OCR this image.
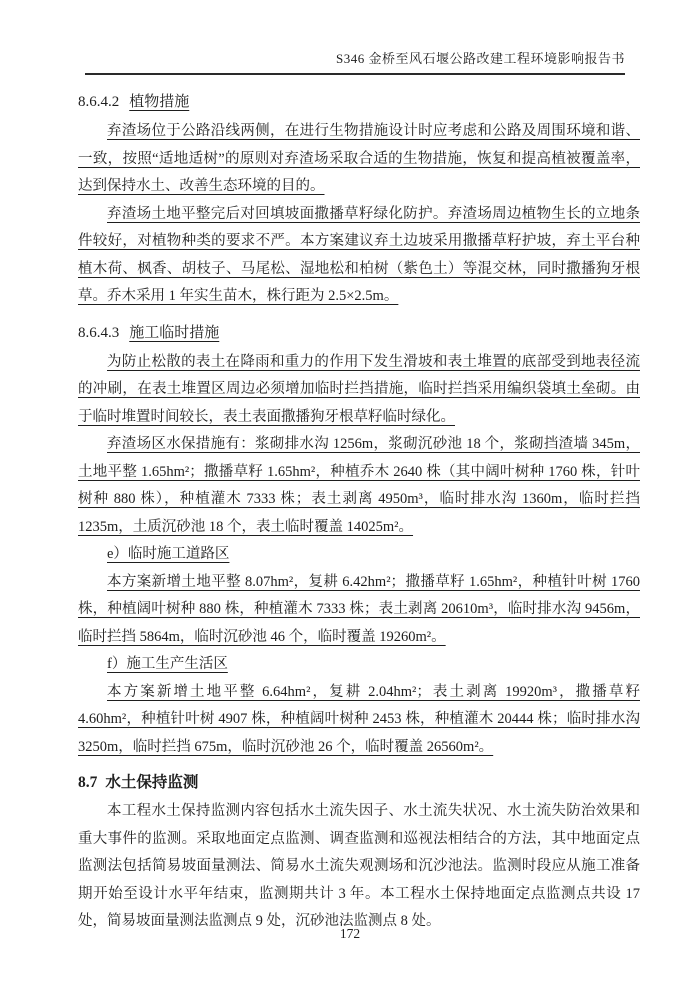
S346 金桥至风石堰公路改建工程环境影响报告书
8.6.4.2 植物措施

弃渣场位于公路沿线两侧，在进行生物措施设计时应考虑和公路及周围环境和谐、一致，按照“适地适树”的原则对弃渣场采取合适的生物措施，恢复和提高植被覆盖率，达到保持水土、改善生态环境的目的。

弃渣场土地平整完后对回填坡面撒播草籽绿化防护。弃渣场周边植物生长的立地条件较好，对植物种类的要求不严。本方案建议弃土边坡采用撒播草籽护坡，弃土平台种植木荷、枫香、胡枝子、马尾松、湿地松和柏树（紫色土）等混交林，同时撒播狗牙根草。乔木采用 1 年实生苗木，株行距为 2.5×2.5m。

8.6.4.3 施工临时措施

为防止松散的表土在降雨和重力的作用下发生滑坡和表土堆置的底部受到地表径流的冲刷，在表土堆置区周边必须增加临时拦挡措施，临时拦挡采用编织袋填土垒砌。由于临时堆置时间较长，表土表面撒播狗牙根草籽临时绿化。

弃渣场区水保措施有：浆砌排水沟 1256m，浆砌沉砂池 18 个，浆砌挡渣墙 345m，土地平整 1.65hm²；撒播草籽 1.65hm²，种植乔木 2640 株（其中阔叶树种 1760 株，针叶树种 880 株），种植灌木 7333 株；表土剥离 4950m³，临时排水沟 1360m，临时拦挡 1235m，土质沉砂池 18 个，表土临时覆盖 14025m²。

e）临时施工道路区

本方案新增土地平整 8.07hm²，复耕 6.42hm²；撒播草籽 1.65hm²，种植针叶树 1760 株，种植阔叶树种 880 株，种植灌木 7333 株；表土剥离 20610m³，临时排水沟 9456m，临时拦挡 5864m，临时沉砂池 46 个，临时覆盖 19260m²。

f）施工生产生活区

本方案新增土地平整 6.64hm²，复耕 2.04hm²；表土剥离 19920m³，撒播草籽 4.60hm²，种植针叶树 4907 株，种植阔叶树种 2453 株，种植灌木 20444 株；临时排水沟 3250m，临时拦挡 675m，临时沉砂池 26 个，临时覆盖 26560m²。

8.7 水土保持监测

本工程水土保持监测内容包括水土流失因子、水土流失状况、水土流失防治效果和重大事件的监测。采取地面定点监测、调查监测和巡视法相结合的方法，其中地面定点监测法包括简易坡面量测法、简易水土流失观测场和沉沙池法。监测时段应从施工准备期开始至设计水平年结束，监测期共计 3 年。本工程水土保持地面定点监测点共设 17 处，简易坡面量测法监测点 9 处，沉砂池法监测点 8 处。

172
